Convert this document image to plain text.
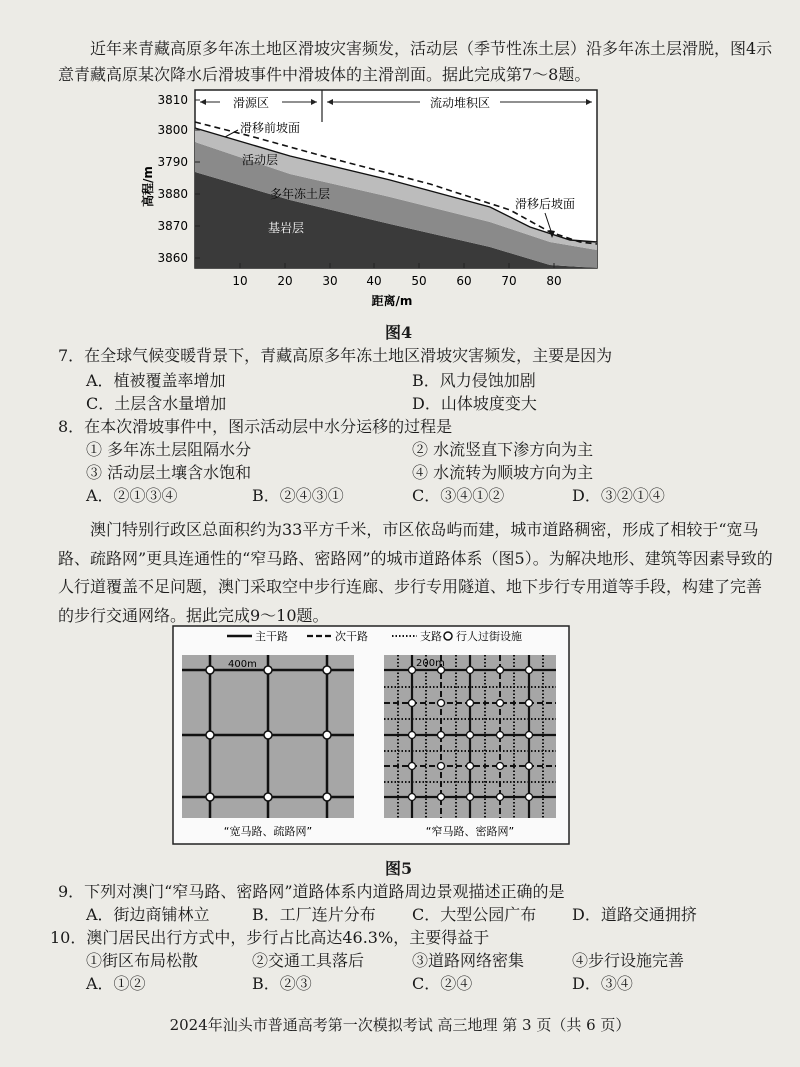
近年来青藏高原多年冻土地区滑坡灾害频发，活动层（季节性冻土层）沿多年冻土层滑脱，图4示意青藏高原某次降水后滑坡事件中滑坡体的主滑剖面。据此完成第7～8题。

滑源区	流动堆积区
滑移前坡面
活动层
多年冻土层
基岩层
滑移后坡面
3810
3800
3790
3880
3870
3860
高程/m
10 20 30 40 50 60 70 80
距离/m
图4
7．在全球气候变暖背景下，青藏高原多年冻土地区滑坡灾害频发，主要是因为
A．植被覆盖率增加	B．风力侵蚀加剧
C．土层含水量增加	D．山体坡度变大
8．在本次滑坡事件中，图示活动层中水分运移的过程是
① 多年冻土层阻隔水分	② 水流竖直下渗方向为主
③ 活动层土壤含水饱和	④ 水流转为顺坡方向为主
A．②①③④	B．②④③①	C．③④①②	D．③②①④

澳门特别行政区总面积约为33平方千米，市区依岛屿而建，城市道路稠密，形成了相较于“宽马路、疏路网”更具连通性的“窄马路、密路网”的城市道路体系（图5）。为解决地形、建筑等因素导致的人行道覆盖不足问题，澳门采取空中步行连廊、步行专用隧道、地下步行专用道等手段，构建了完善的步行交通网络。据此完成9～10题。

主干路	次干路	支路 行人过街设施
400m
“宽马路、疏路网”
200m
“窄马路、密路网”
图5
9．下列对澳门“窄马路、密路网”道路体系内道路周边景观描述正确的是
A．街边商铺林立	B．工厂连片分布 C．大型公园广布 D．道路交通拥挤
10．澳门居民出行方式中，步行占比高达46.3%，主要得益于
①街区布局松散	②交通工具落后	③道路网络密集	④步行设施完善
A．①②	B．②③	C．②④	D．③④
2024年汕头市普通高考第一次模拟考试 高三地理 第 3 页（共 6 页）
